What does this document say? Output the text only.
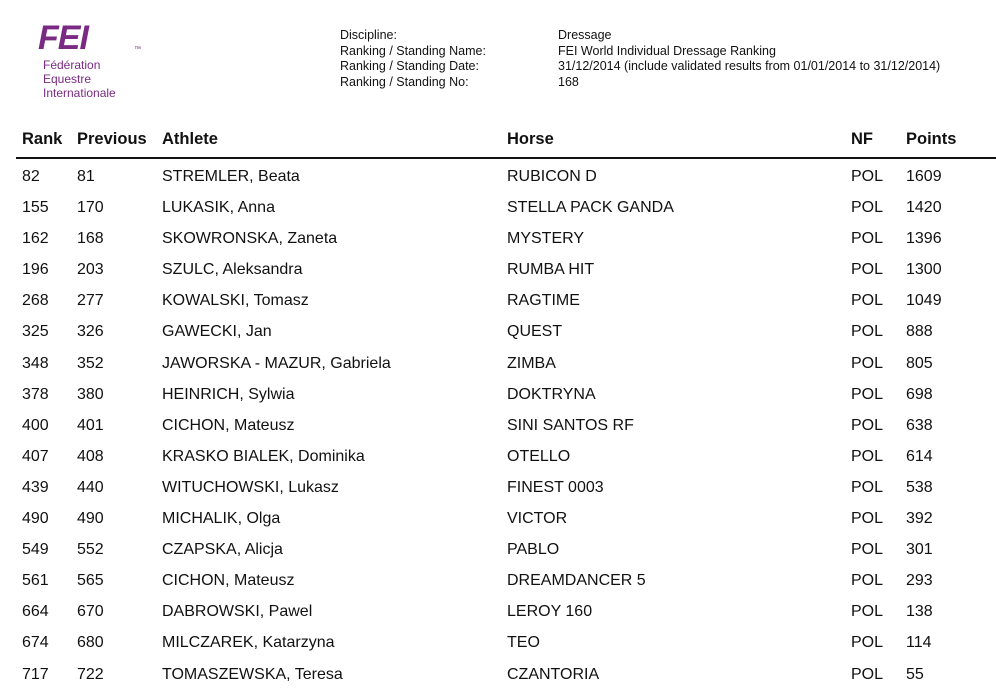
FEI	™
Fédération
Equestre
Internationale
Discipline:	Dressage
Ranking / Standing Name:	FEI World Individual Dressage Ranking
Ranking / Standing Date:	31/12/2014 (include validated results from 01/01/2014 to 31/12/2014)
Ranking / Standing No:	168
Rank Previous Athlete	Horse	NF Points
82 81	STREMLER, Beata	RUBICON D	POL 1609
155 170	LUKASIK, Anna	STELLA PACK GANDA	POL 1420
162 168	SKOWRONSKA, Zaneta	MYSTERY	POL 1396
196 203	SZULC, Aleksandra	RUMBA HIT	POL 1300
268 277	KOWALSKI, Tomasz	RAGTIME	POL 1049
325 326	GAWECKI, Jan	QUEST	POL 888
348 352	JAWORSKA - MAZUR, Gabriela	ZIMBA	POL 805
378 380	HEINRICH, Sylwia	DOKTRYNA	POL 698
400 401	CICHON, Mateusz	SINI SANTOS RF	POL 638
407 408	KRASKO BIALEK, Dominika	OTELLO	POL 614
439 440	WITUCHOWSKI, Lukasz	FINEST 0003	POL 538
490 490	MICHALIK, Olga	VICTOR	POL 392
549 552	CZAPSKA, Alicja	PABLO	POL 301
561 565	CICHON, Mateusz	DREAMDANCER 5	POL 293
664 670	DABROWSKI, Pawel	LEROY 160	POL 138
674 680	MILCZAREK, Katarzyna	TEO	POL 114
717 722	TOMASZEWSKA, Teresa	CZANTORIA	POL 55
